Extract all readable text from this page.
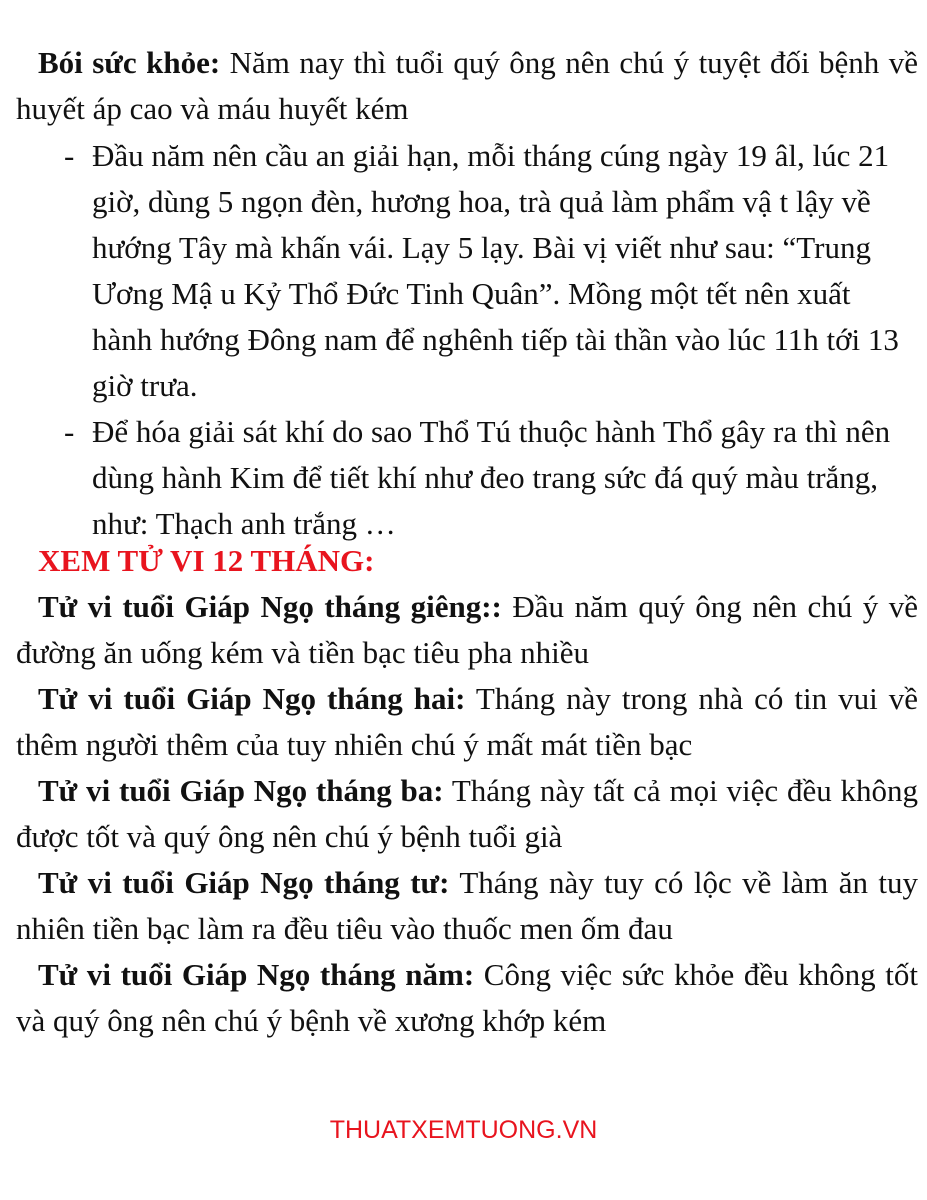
Bói sức khỏe: Năm nay thì tuổi quý ông nên chú ý tuyệt đối bệnh về huyết áp cao và máu huyết kém

- Đầu năm nên cầu an giải hạn, mỗi tháng cúng ngày 19 âl, lúc 21 giờ, dùng 5 ngọn đèn, hương hoa, trà quả làm phẩm vậ t lậy về hướng Tây mà khấn vái. Lạy 5 lạy. Bài vị viết như sau: “Trung Ương Mậ u Kỷ Thổ Đức Tinh Quân”. Mồng một tết nên xuất hành hướng Đông nam để nghênh tiếp tài thần vào lúc 11h tới 13 giờ trưa.

- Để hóa giải sát khí do sao Thổ Tú thuộc hành Thổ gây ra thì nên dùng hành Kim để tiết khí như đeo trang sức đá quý màu trắng, như: Thạch anh trắng …

XEM TỬ VI 12 THÁNG:

Tử vi tuổi Giáp Ngọ tháng giêng:: Đầu năm quý ông nên chú ý về đường ăn uống kém và tiền bạc tiêu pha nhiều

Tử vi tuổi Giáp Ngọ tháng hai: Tháng này trong nhà có tin vui về thêm người thêm của tuy nhiên chú ý mất mát tiền bạc

Tử vi tuổi Giáp Ngọ tháng ba: Tháng này tất cả mọi việc đều không được tốt và quý ông nên chú ý bệnh tuổi già

Tử vi tuổi Giáp Ngọ tháng tư: Tháng này tuy có lộc về làm ăn tuy nhiên tiền bạc làm ra đều tiêu vào thuốc men ốm đau

Tử vi tuổi Giáp Ngọ tháng năm: Công việc sức khỏe đều không tốt và quý ông nên chú ý bệnh về xương khớp kém

THUATXEMTUONG.VN
